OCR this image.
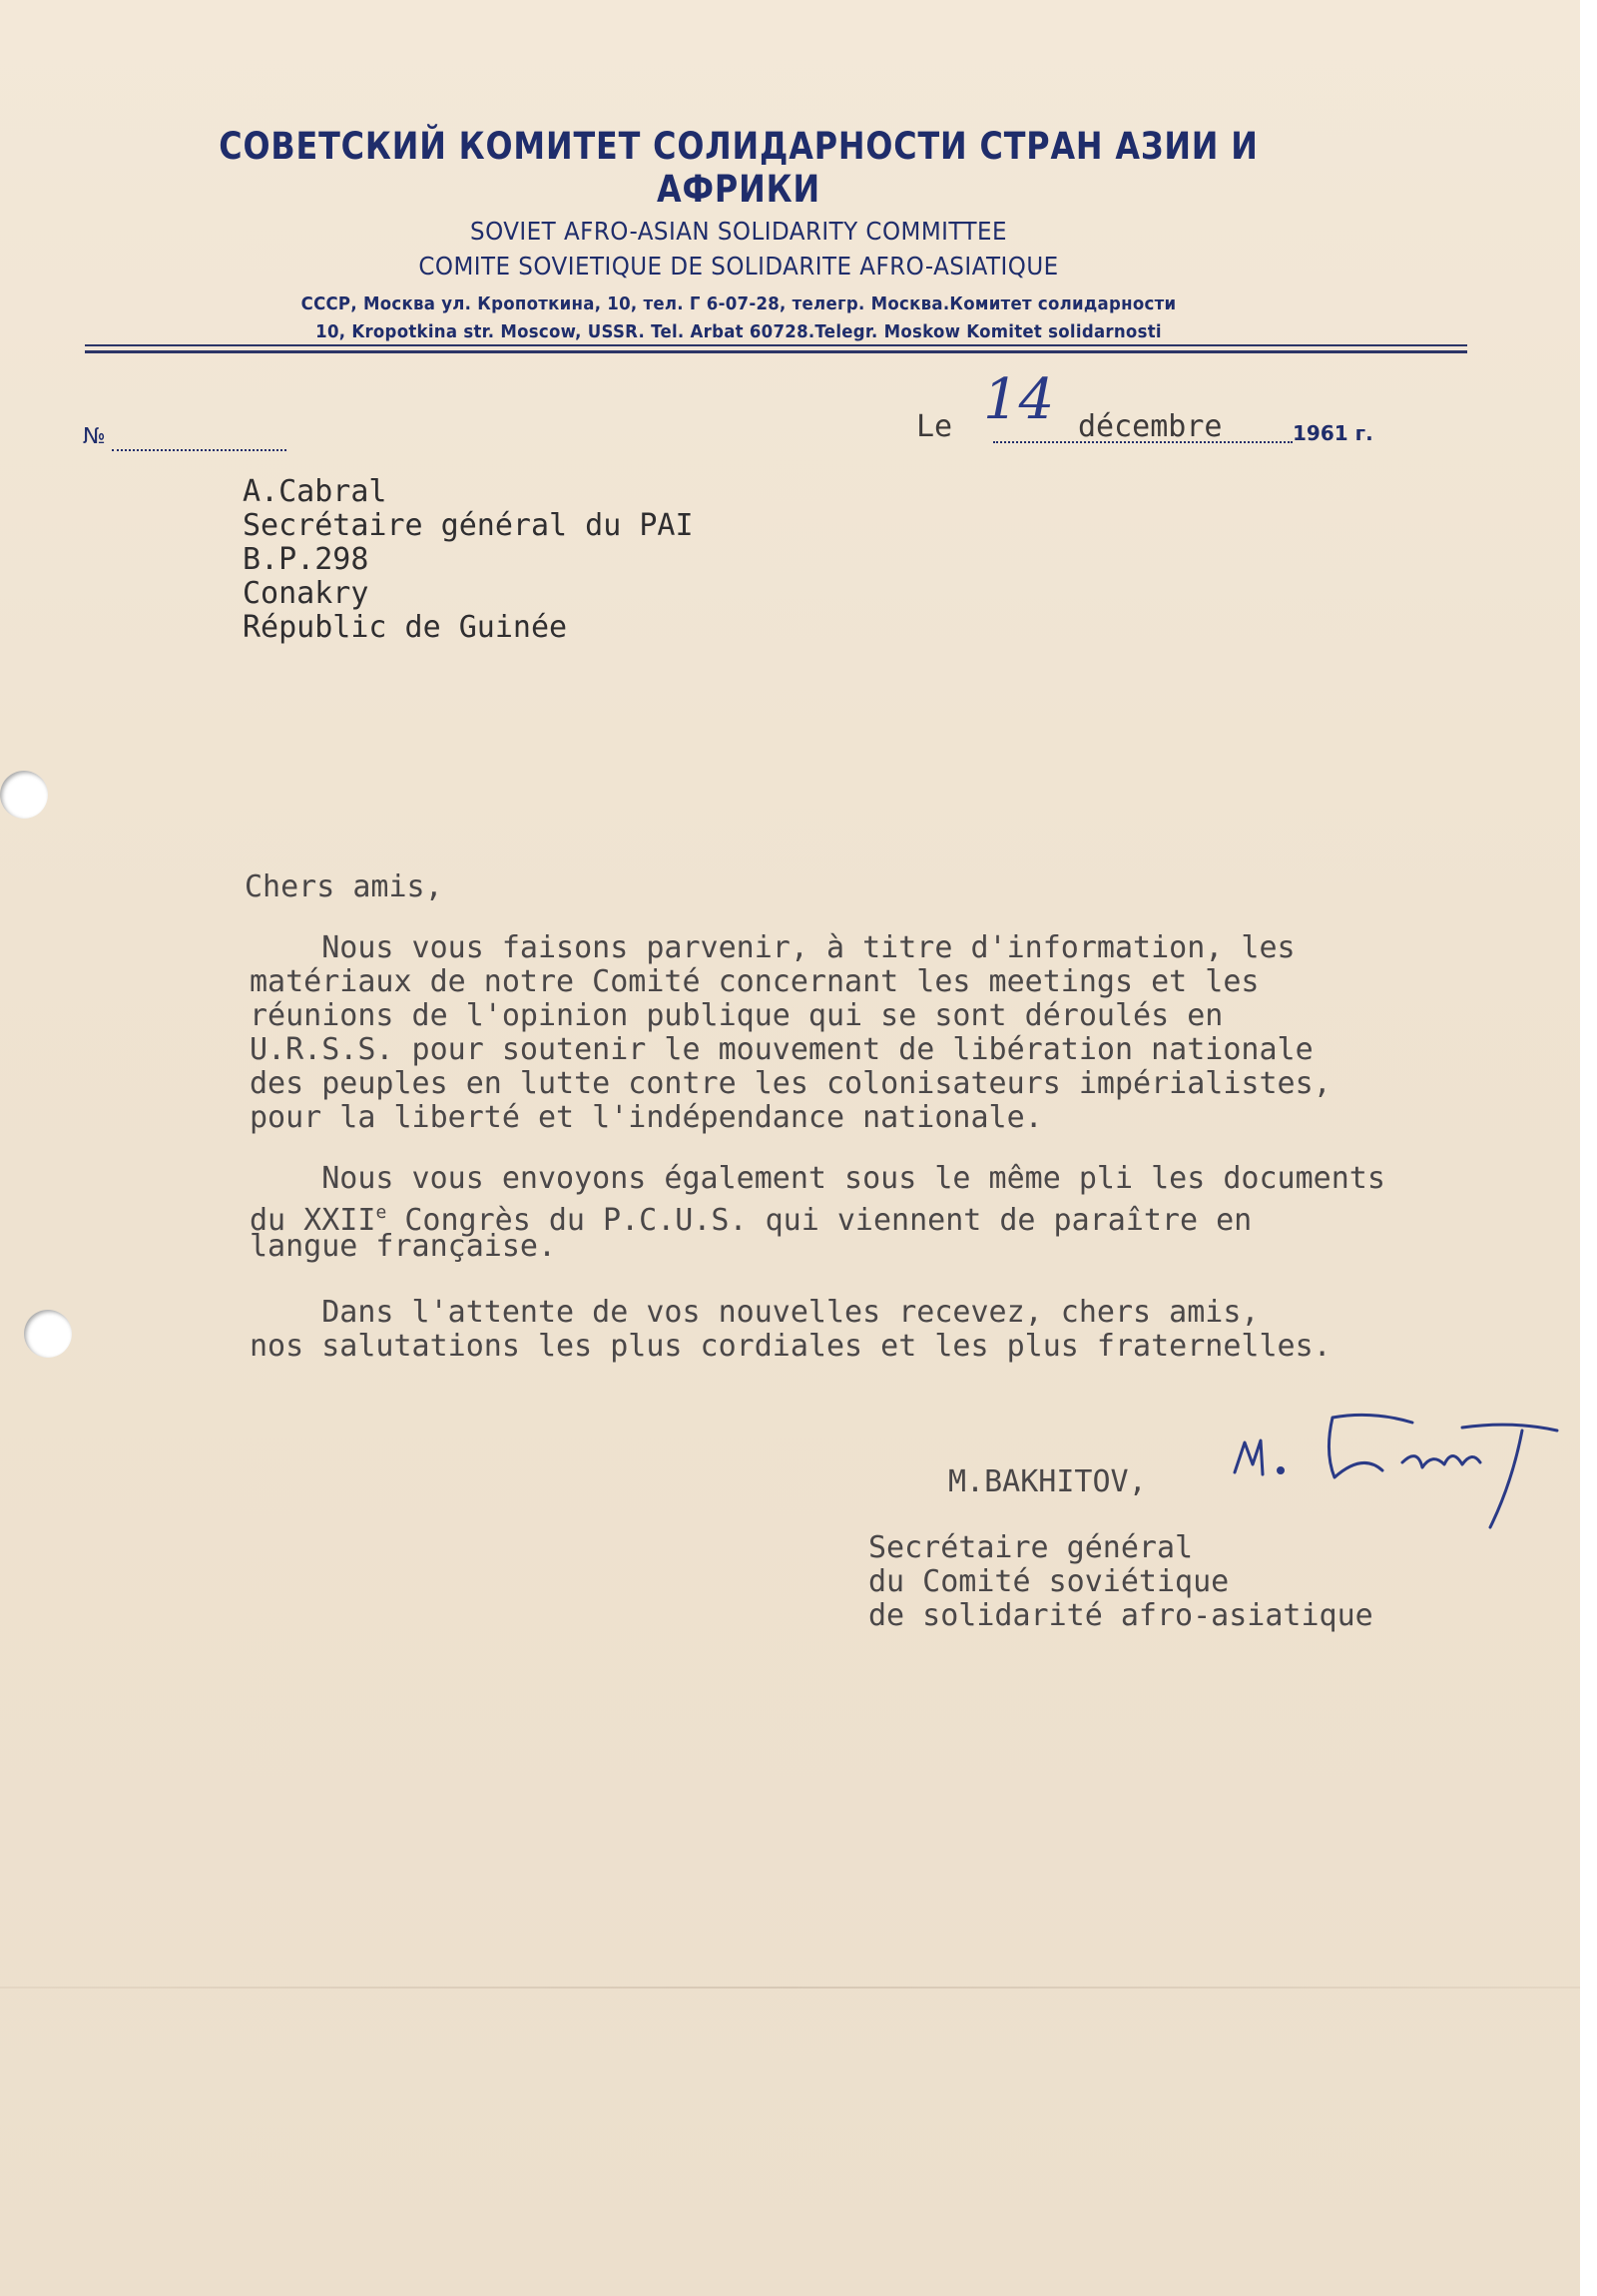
СОВЕТСКИЙ КОМИТЕТ СОЛИДАРНОСТИ СТРАН АЗИИ И АФРИКИ
SOVIET AFRO-ASIAN SOLIDARITY COMMITTEE
COMITE SOVIETIQUE DE SOLIDARITE AFRO-ASIATIQUE
СССР, Москва ул. Кропоткина, 10, тел. Г 6-07-28, телегр. Москва.Комитет солидарности
10, Kropotkina str. Moscow, USSR. Tel. Arbat 60728.Telegr. Moskow Komitet solidarnosti
№	Le 14 décembre	1961 г.
A.Cabral
Secrétaire général du PAI
B.P.298
Conakry
Républic de Guinée
Chers amis,
Nous vous faisons parvenir, à titre d'information, les
matériaux de notre Comité concernant les meetings et les
réunions de l'opinion publique qui se sont déroulés en
U.R.S.S. pour soutenir le mouvement de libération nationale
des peuples en lutte contre les colonisateurs impérialistes,
pour la liberté et l'indépendance nationale.
Nous vous envoyons également sous le même pli les documents
du XXIIe Congrès du P.C.U.S. qui viennent de paraître en
langue française.
Dans l'attente de vos nouvelles recevez, chers amis,
nos salutations les plus cordiales et les plus fraternelles.
M.BAKHITOV,
Secrétaire général
du Comité soviétique
de solidarité afro-asiatique
